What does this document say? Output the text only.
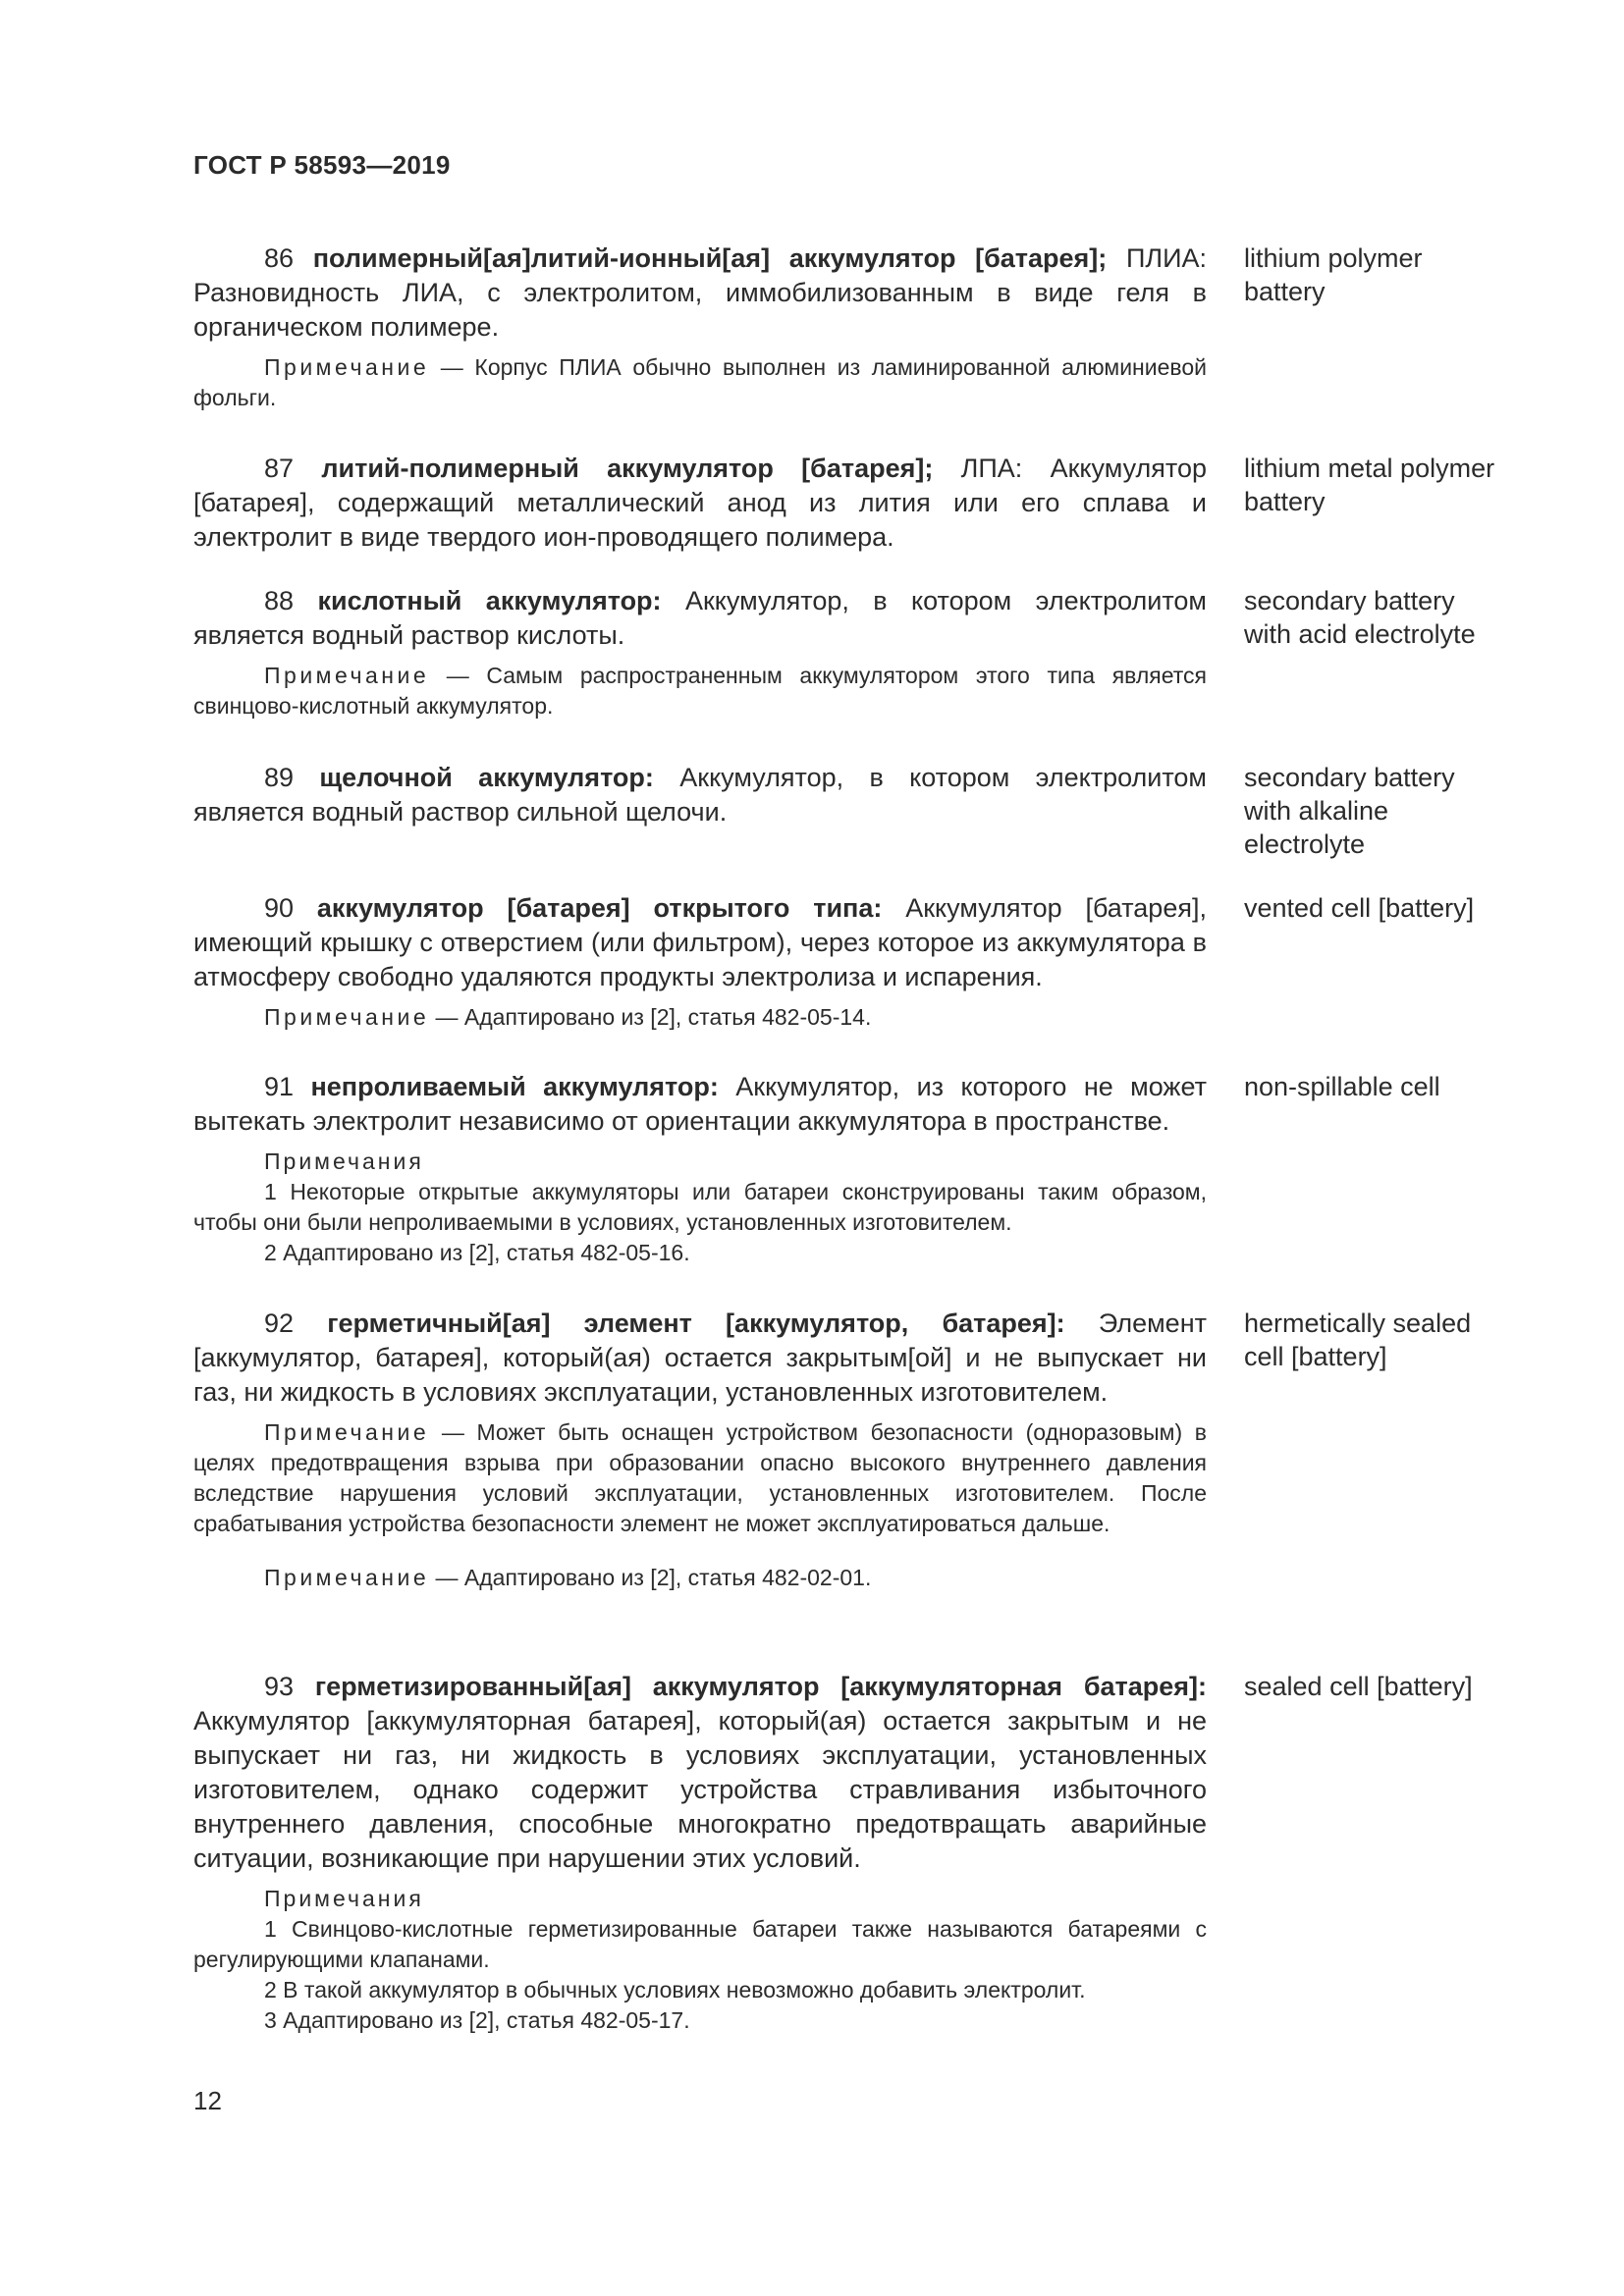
ГОСТ Р 58593—2019
86 полимерный[ая]литий-ионный[ая] аккумулятор [батарея]; ПЛИА: Разновидность ЛИА, с электролитом, иммобилизованным в виде геля в органическом полимере.
Примечание — Корпус ПЛИА обычно выполнен из ламинированной алюминиевой фольги.
lithium polymer
battery
87 литий-полимерный аккумулятор [батарея]; ЛПА: Аккумулятор [батарея], содержащий металлический анод из лития или его сплава и электролит в виде твердого ион-проводящего полимера.
lithium metal polymer
battery
88 кислотный аккумулятор: Аккумулятор, в котором электролитом является водный раствор кислоты.
Примечание — Самым распространенным аккумулятором этого типа является свинцово-кислотный аккумулятор.
secondary battery
with acid electrolyte
89 щелочной аккумулятор: Аккумулятор, в котором электролитом является водный раствор сильной щелочи.
secondary battery
with alkaline
electrolyte
90 аккумулятор [батарея] открытого типа: Аккумулятор [батарея], имеющий крышку с отверстием (или фильтром), через которое из аккумулятора в атмосферу свободно удаляются продукты электролиза и испарения.
Примечание — Адаптировано из [2], статья 482-05-14.
vented cell [battery]
91 непроливаемый аккумулятор: Аккумулятор, из которого не может вытекать электролит независимо от ориентации аккумулятора в пространстве.
Примечания
1 Некоторые открытые аккумуляторы или батареи сконструированы таким образом, чтобы они были непроливаемыми в условиях, установленных изготовителем.
2 Адаптировано из [2], статья 482-05-16.
non-spillable cell
92 герметичный[ая] элемент [аккумулятор, батарея]: Элемент [аккумулятор, батарея], который(ая) остается закрытым[ой] и не выпускает ни газ, ни жидкость в условиях эксплуатации, установленных изготовителем.
Примечание — Может быть оснащен устройством безопасности (одноразовым) в целях предотвращения взрыва при образовании опасно высокого внутреннего давления вследствие нарушения условий эксплуатации, установленных изготовителем. После срабатывания устройства безопасности элемент не может эксплуатироваться дальше.
Примечание — Адаптировано из [2], статья 482-02-01.
hermetically sealed
cell [battery]
93 герметизированный[ая] аккумулятор [аккумуляторная батарея]: Аккумулятор [аккумуляторная батарея], который(ая) остается закрытым и не выпускает ни газ, ни жидкость в условиях эксплуатации, установленных изготовителем, однако содержит устройства стравливания избыточного внутреннего давления, способные многократно предотвращать аварийные ситуации, возникающие при нарушении этих условий.
Примечания
1 Свинцово-кислотные герметизированные батареи также называются батареями с регулирующими клапанами.
2 В такой аккумулятор в обычных условиях невозможно добавить электролит.
3 Адаптировано из [2], статья 482-05-17.
sealed cell [battery]
12
